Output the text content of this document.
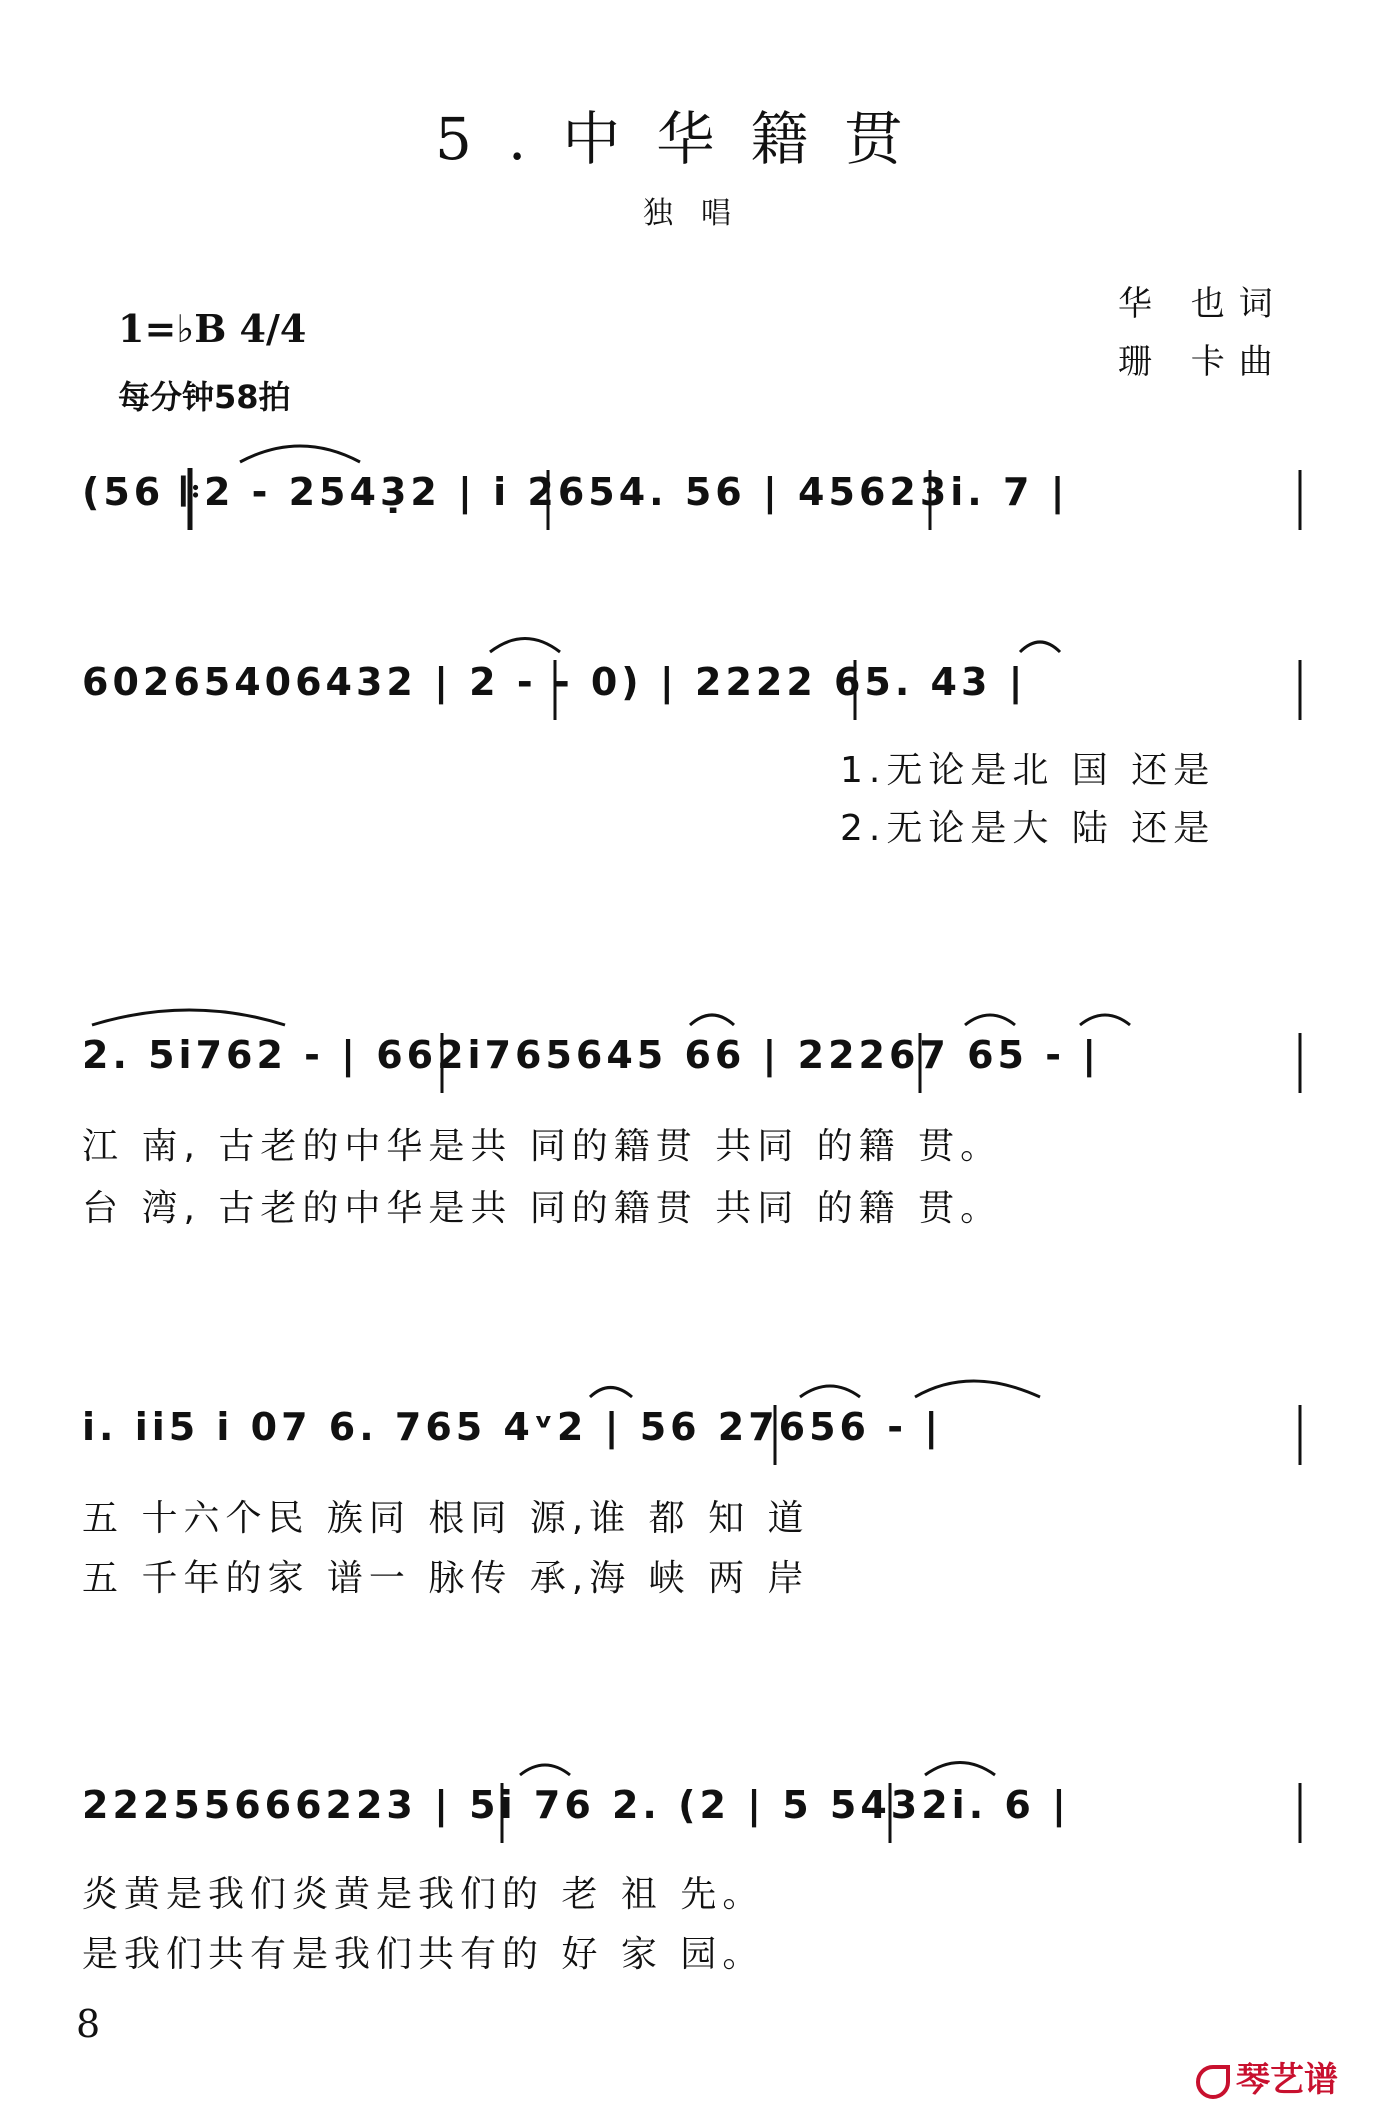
5.中华籍贯
独唱
1=♭B 4/4
每分钟58拍
华 也词
珊 卡曲
(56 𝄆2 - 2543̣2 | i 2654. 56 | 45623i. 7 |
60265406432 | 2 - - 0) | 2222 65. 43 |
1.无论是北 国 还是
2.无论是大 陆 还是
2. 5i762 - | 662i765645 66 | 22267 65 - |
江 南, 古老的中华是共 同的籍贯 共同 的籍 贯。
台 湾, 古老的中华是共 同的籍贯 共同 的籍 贯。
i. ii5 i 07 6. 765 4ᵛ2 | 56 27656 - |
五 十六个民 族同 根同 源,谁 都 知 道
五 千年的家 谱一 脉传 承,海 峡 两 岸
22255666223 | 5i 76 2. (2 | 5 5432i. 6 |
炎黄是我们炎黄是我们的 老 祖 先。
是我们共有是我们共有的 好 家 园。
8
琴艺谱
